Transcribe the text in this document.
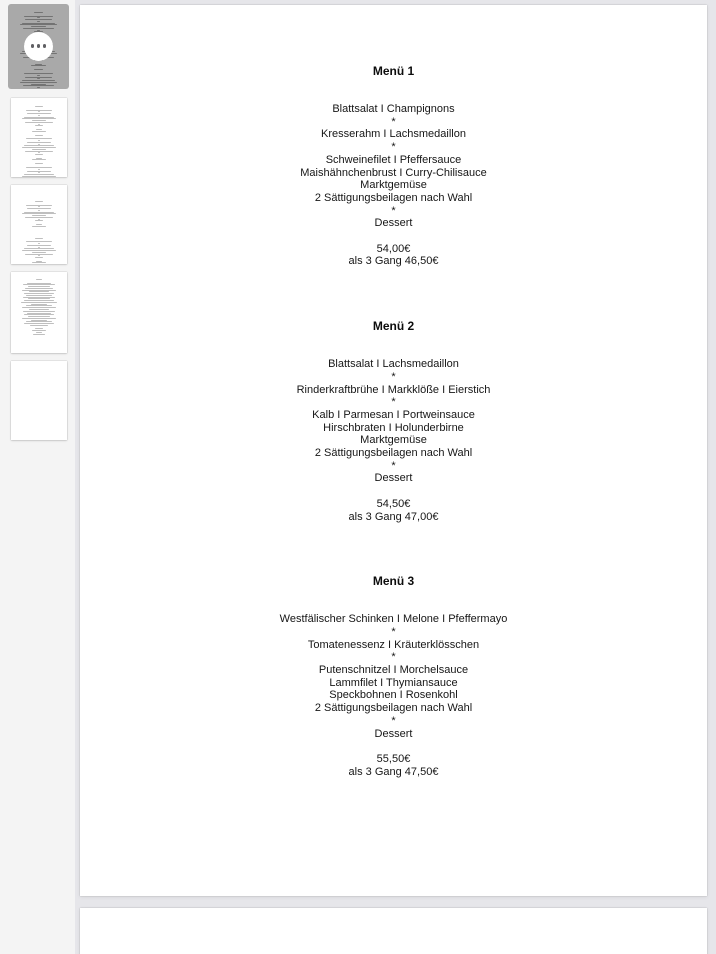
Menü 1
Blattsalat I Champignons
*
Kresserahm I Lachsmedaillon
*
Schweinefilet I Pfeffersauce
Maishähnchenbrust I Curry-Chilisauce
Marktgemüse
2 Sättigungsbeilagen nach Wahl
*
Dessert
54,00€
als 3 Gang 46,50€
Menü 2
Blattsalat I Lachsmedaillon
*
Rinderkraftbrühe I Markklöße I Eierstich
*
Kalb I Parmesan I Portweinsauce
Hirschbraten I Holunderbirne
Marktgemüse
2 Sättigungsbeilagen nach Wahl
*
Dessert
54,50€
als 3 Gang 47,00€
Menü 3
Westfälischer Schinken I Melone I Pfeffermayo
*
Tomatenessenz I Kräuterklösschen
*
Putenschnitzel I Morchelsauce
Lammfilet I Thymiansauce
Speckbohnen I Rosenkohl
2 Sättigungsbeilagen nach Wahl
*
Dessert
55,50€
als 3 Gang 47,50€
